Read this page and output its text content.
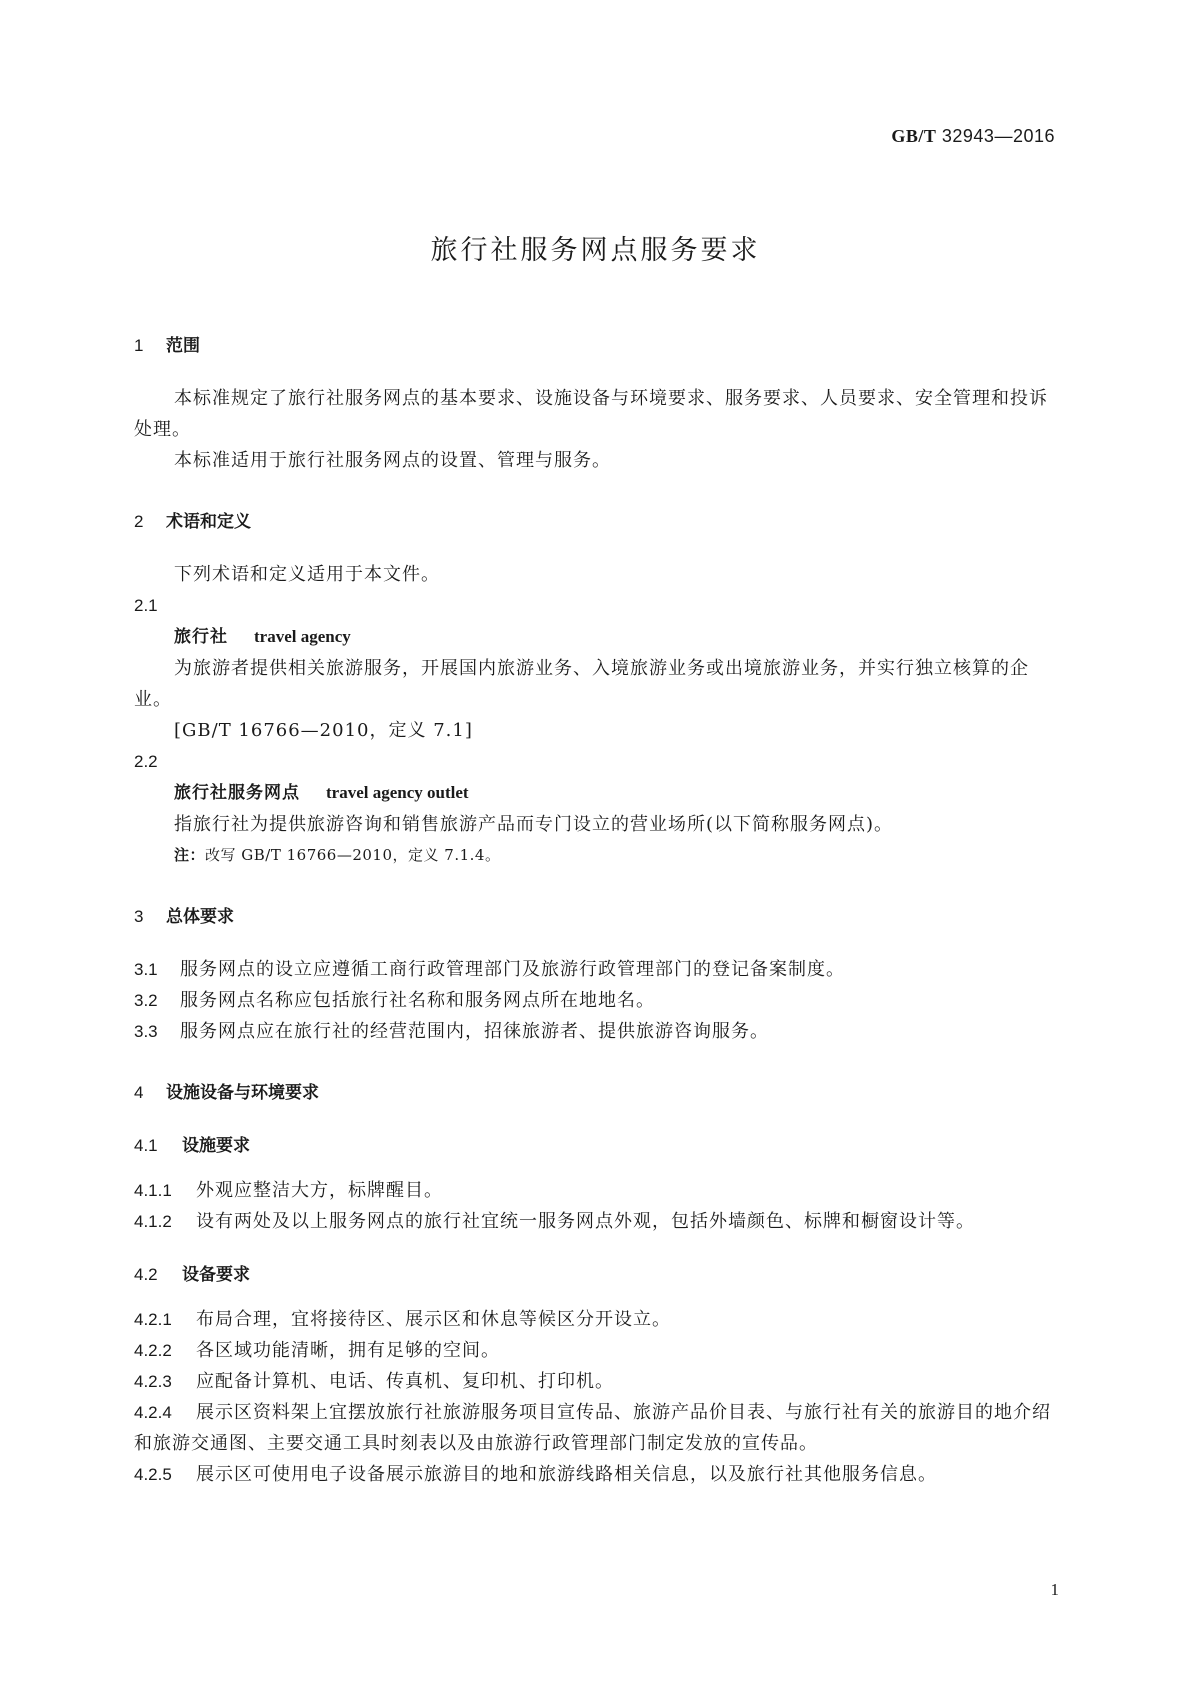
GB/T 32943—2016
旅行社服务网点服务要求
1 范围
本标准规定了旅行社服务网点的基本要求、设施设备与环境要求、服务要求、人员要求、安全管理和投诉处理。
本标准适用于旅行社服务网点的设置、管理与服务。
2 术语和定义
下列术语和定义适用于本文件。
2.1
旅行社 travel agency
为旅游者提供相关旅游服务，开展国内旅游业务、入境旅游业务或出境旅游业务，并实行独立核算的企业。
[GB/T 16766—2010，定义 7.1]
2.2
旅行社服务网点 travel agency outlet
指旅行社为提供旅游咨询和销售旅游产品而专门设立的营业场所(以下简称服务网点)。
注：改写 GB/T 16766—2010，定义 7.1.4。
3 总体要求
3.1 服务网点的设立应遵循工商行政管理部门及旅游行政管理部门的登记备案制度。
3.2 服务网点名称应包括旅行社名称和服务网点所在地地名。
3.3 服务网点应在旅行社的经营范围内，招徕旅游者、提供旅游咨询服务。
4 设施设备与环境要求
4.1 设施要求
4.1.1 外观应整洁大方，标牌醒目。
4.1.2 设有两处及以上服务网点的旅行社宜统一服务网点外观，包括外墙颜色、标牌和橱窗设计等。
4.2 设备要求
4.2.1 布局合理，宜将接待区、展示区和休息等候区分开设立。
4.2.2 各区域功能清晰，拥有足够的空间。
4.2.3 应配备计算机、电话、传真机、复印机、打印机。
4.2.4 展示区资料架上宜摆放旅行社旅游服务项目宣传品、旅游产品价目表、与旅行社有关的旅游目的地介绍和旅游交通图、主要交通工具时刻表以及由旅游行政管理部门制定发放的宣传品。
4.2.5 展示区可使用电子设备展示旅游目的地和旅游线路相关信息，以及旅行社其他服务信息。
1
